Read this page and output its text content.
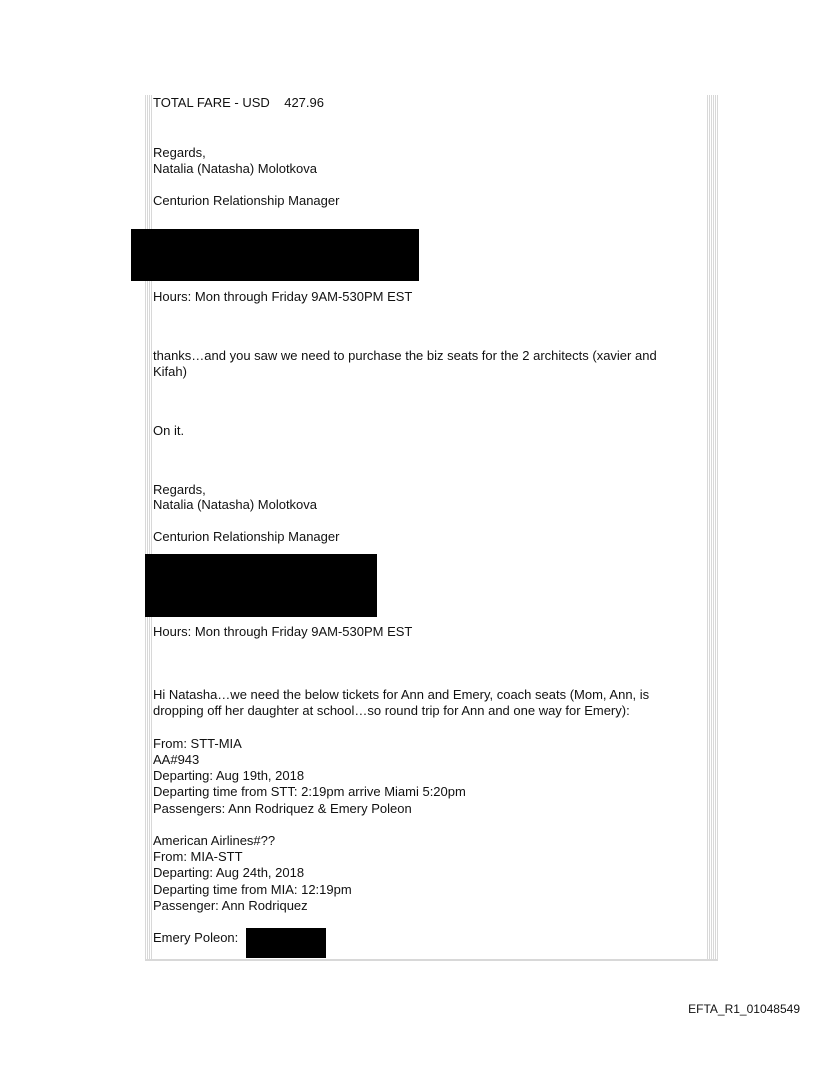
TOTAL FARE - USD    427.96
Regards,
Natalia (Natasha) Molotkova
Centurion Relationship Manager
Hours: Mon through Friday 9AM-530PM EST
thanks…and you saw we need to purchase the biz seats for the 2 architects (xavier and
Kifah)
On it.
Regards,
Natalia (Natasha) Molotkova
Centurion Relationship Manager
Hours: Mon through Friday 9AM-530PM EST
Hi Natasha…we need the below tickets for Ann and Emery, coach seats (Mom, Ann, is
dropping off her daughter at school…so round trip for Ann and one way for Emery):
From: STT-MIA
AA#943
Departing: Aug 19th, 2018
Departing time from STT: 2:19pm arrive Miami 5:20pm
Passengers: Ann Rodriquez & Emery Poleon
American Airlines#??
From: MIA-STT
Departing: Aug 24th, 2018
Departing time from MIA: 12:19pm
Passenger: Ann Rodriquez
Emery Poleon:
EFTA_R1_01048549
